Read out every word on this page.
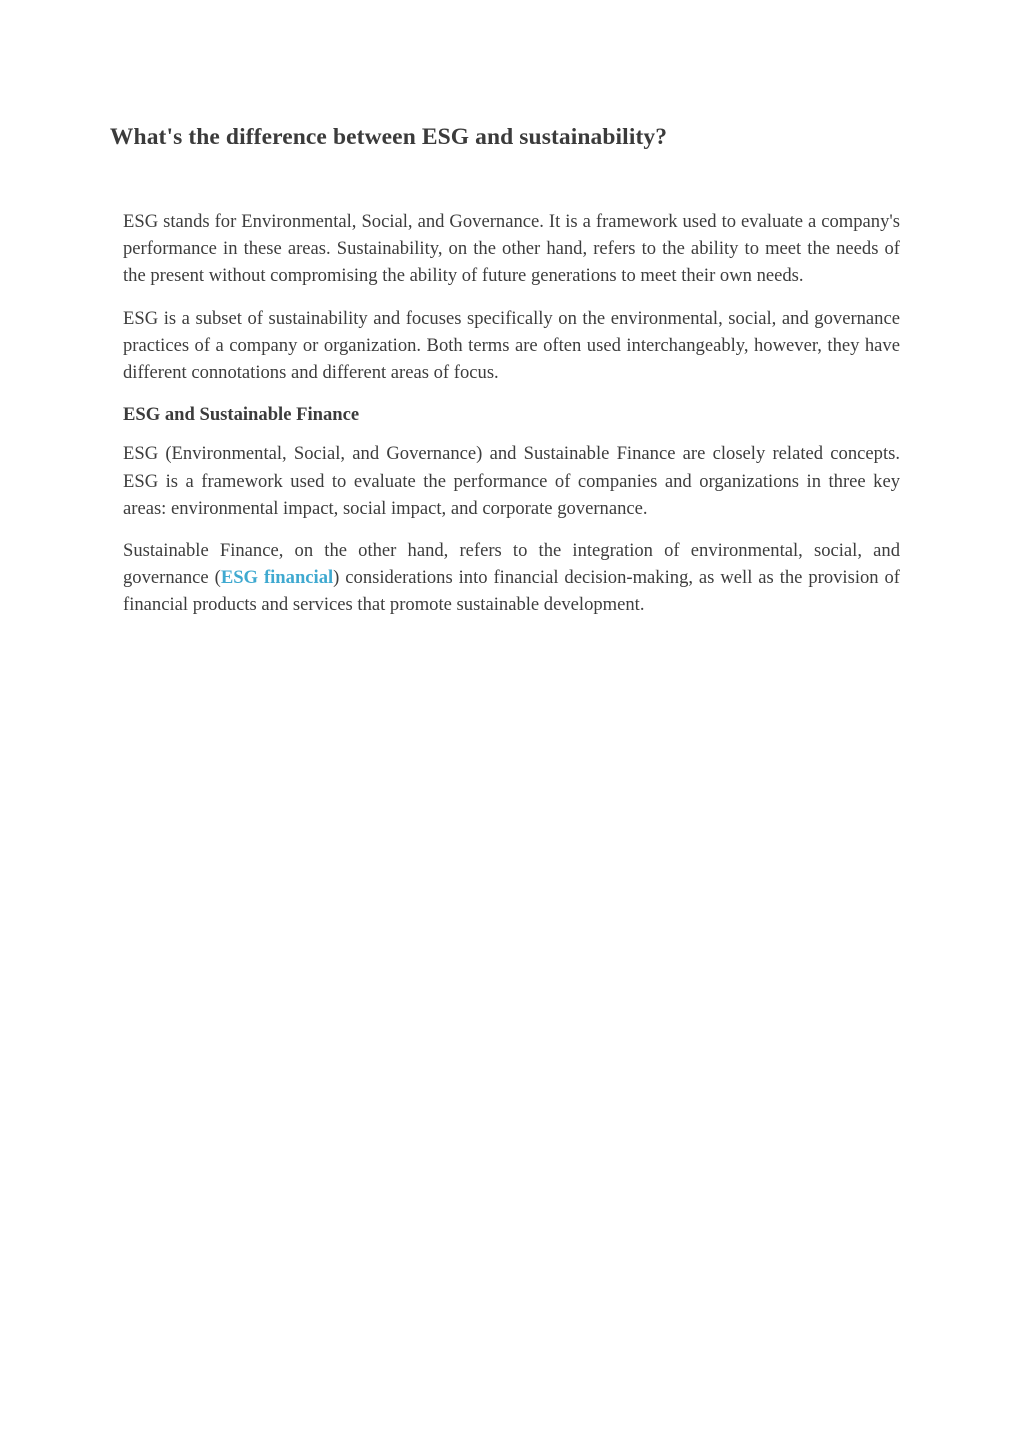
What's the difference between ESG and sustainability?

ESG stands for Environmental, Social, and Governance. It is a framework used to evaluate a company's performance in these areas. Sustainability, on the other hand, refers to the ability to meet the needs of the present without compromising the ability of future generations to meet their own needs.

ESG is a subset of sustainability and focuses specifically on the environmental, social, and governance practices of a company or organization. Both terms are often used interchangeably, however, they have different connotations and different areas of focus.

ESG and Sustainable Finance

ESG (Environmental, Social, and Governance) and Sustainable Finance are closely related concepts. ESG is a framework used to evaluate the performance of companies and organizations in three key areas: environmental impact, social impact, and corporate governance.

Sustainable Finance, on the other hand, refers to the integration of environmental, social, and governance (ESG financial) considerations into financial decision-making, as well as the provision of financial products and services that promote sustainable development.
